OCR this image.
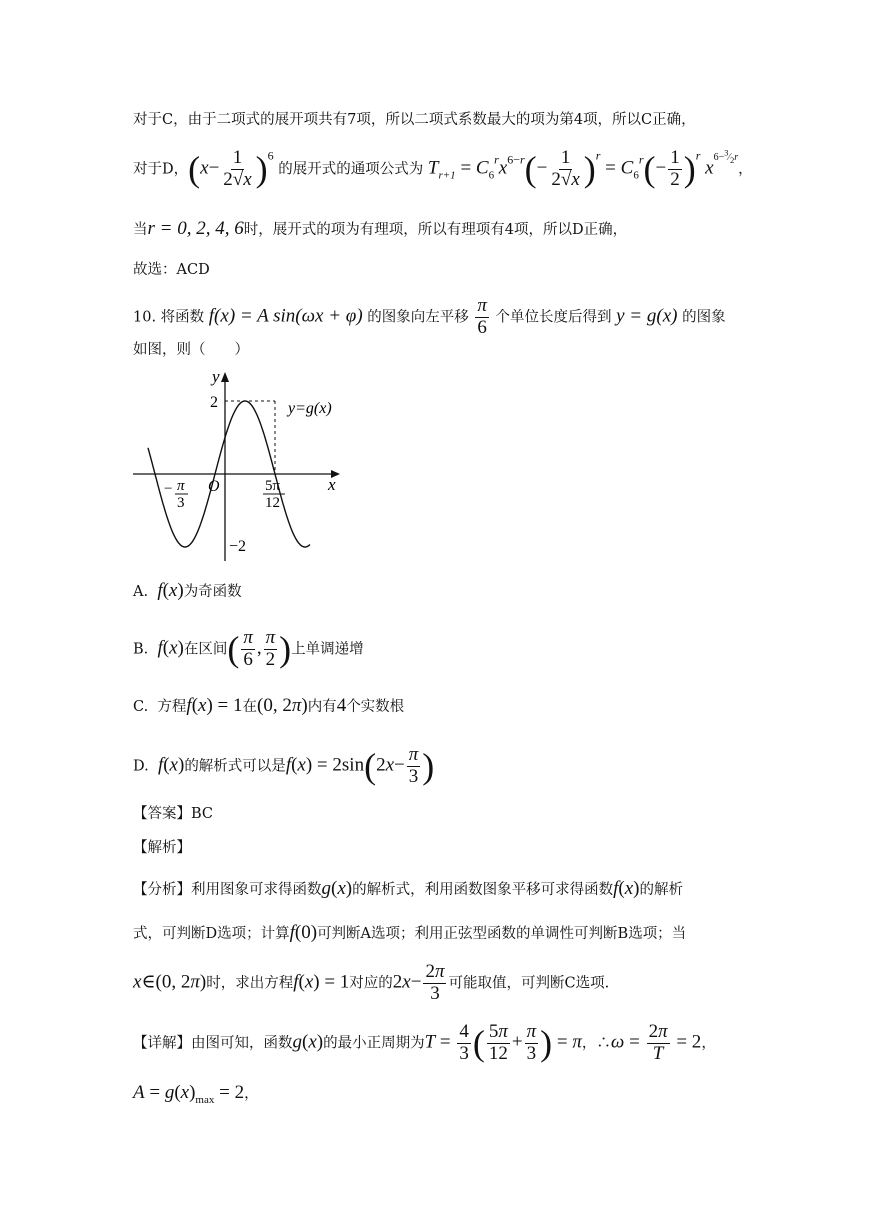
对于C，由于二项式的展开项共有7项，所以二项式系数最大的项为第4项，所以C正确，
对于D，$(x- \frac{1}{2√x} )^6$ 的展开式的通项公式为 $T_{r+1} = C_6^rx^{6-r}(- \frac{1}{2√x} )^r = C_6^r(- \frac{1}{2} )^r$ $x^{6-^3⁄_2r}$，
当r = 0, 2, 4, 6时，展开式的项为有理项，所以有理项有4项，所以D正确，
故选：ACD
10. 将函数 f(x) = A sin(ωx + φ) 的图象向左平移 $\frac{\pi}{6}$ 个单位长度后得到 y = g(x) 的图象
如图，则（　　）
y
x
O
2
−2
y=g(x)
− π
3
5π
12
A. f(x)为奇函数
B. f(x)在区间( $\frac{\pi}{6}$ , $\frac{\pi}{2}$ )上单调递增
C. 方程f(x) = 1在(0, 2π)内有4个实数根
D. f(x)的解析式可以是$f(x) = 2\sin(2x- \frac{\pi}{3}$ )
【答案】BC
【解析】
【分析】利用图象可求得函数g(x)的解析式，利用函数图象平移可求得函数f(x)的解析
式，可判断D选项；计算f(0)可判断A选项；利用正弦型函数的单调性可判断B选项；当
x∈(0, 2π)时，求出方程f(x) = 1对应的$2x- \frac{2\pi}{3}$ 可能取值，可判断C选项.
【详解】由图可知，函数g(x)的最小正周期为$T = \frac{4}{3}$ ( $\frac{5\pi}{12} + \frac{\pi}{3}$ ) = π，∴ω = $\frac{2\pi}{T} = 2$，
$A = g(x)_{max} = 2$，
